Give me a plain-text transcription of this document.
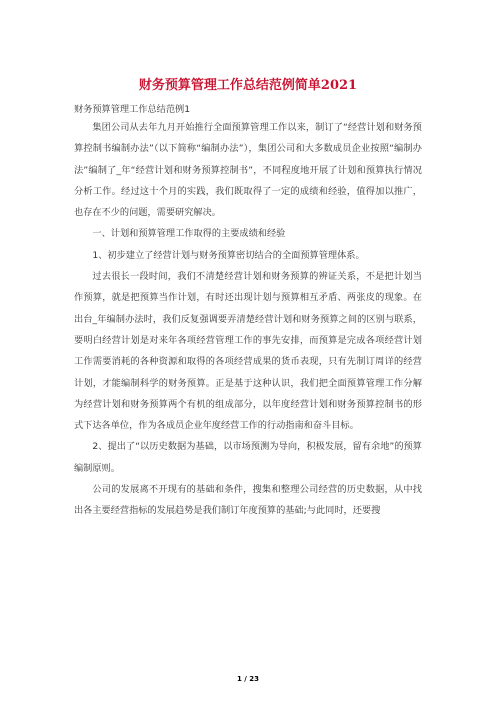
财务预算管理工作总结范例简单2021
财务预算管理工作总结范例1

集团公司从去年九月开始推行全面预算管理工作以来，制订了“经营计划和财务预算控制书编制办法”（以下简称“编制办法”），集团公司和大多数成员企业按照“编制办法”编制了_年“经营计划和财务预算控制书”，不同程度地开展了计划和预算执行情况分析工作。经过这十个月的实践，我们既取得了一定的成绩和经验，值得加以推广，也存在不少的问题，需要研究解决。

一、计划和预算管理工作取得的主要成绩和经验

1、初步建立了经营计划与财务预算密切结合的全面预算管理体系。

过去很长一段时间，我们不清楚经营计划和财务预算的辨证关系，不是把计划当作预算，就是把预算当作计划，有时还出现计划与预算相互矛盾、两张皮的现象。在出台_年编制办法时，我们反复强调要弄清楚经营计划和财务预算之间的区别与联系，要明白经营计划是对来年各项经营管理工作的事先安排，而预算是完成各项经营计划工作需要消耗的各种资源和取得的各项经营成果的货币表现，只有先制订周详的经营计划，才能编制科学的财务预算。正是基于这种认识，我们把全面预算管理工作分解为经营计划和财务预算两个有机的组成部分，以年度经营计划和财务预算控制书的形式下达各单位，作为各成员企业年度经营工作的行动指南和奋斗目标。

2、提出了“以历史数据为基础，以市场预测为导向，积极发展，留有余地”的预算编制原则。

公司的发展离不开现有的基础和条件，搜集和整理公司经营的历史数据，从中找出各主要经营指标的发展趋势是我们制订年度预算的基础;与此同时，还要搜

1 / 23
